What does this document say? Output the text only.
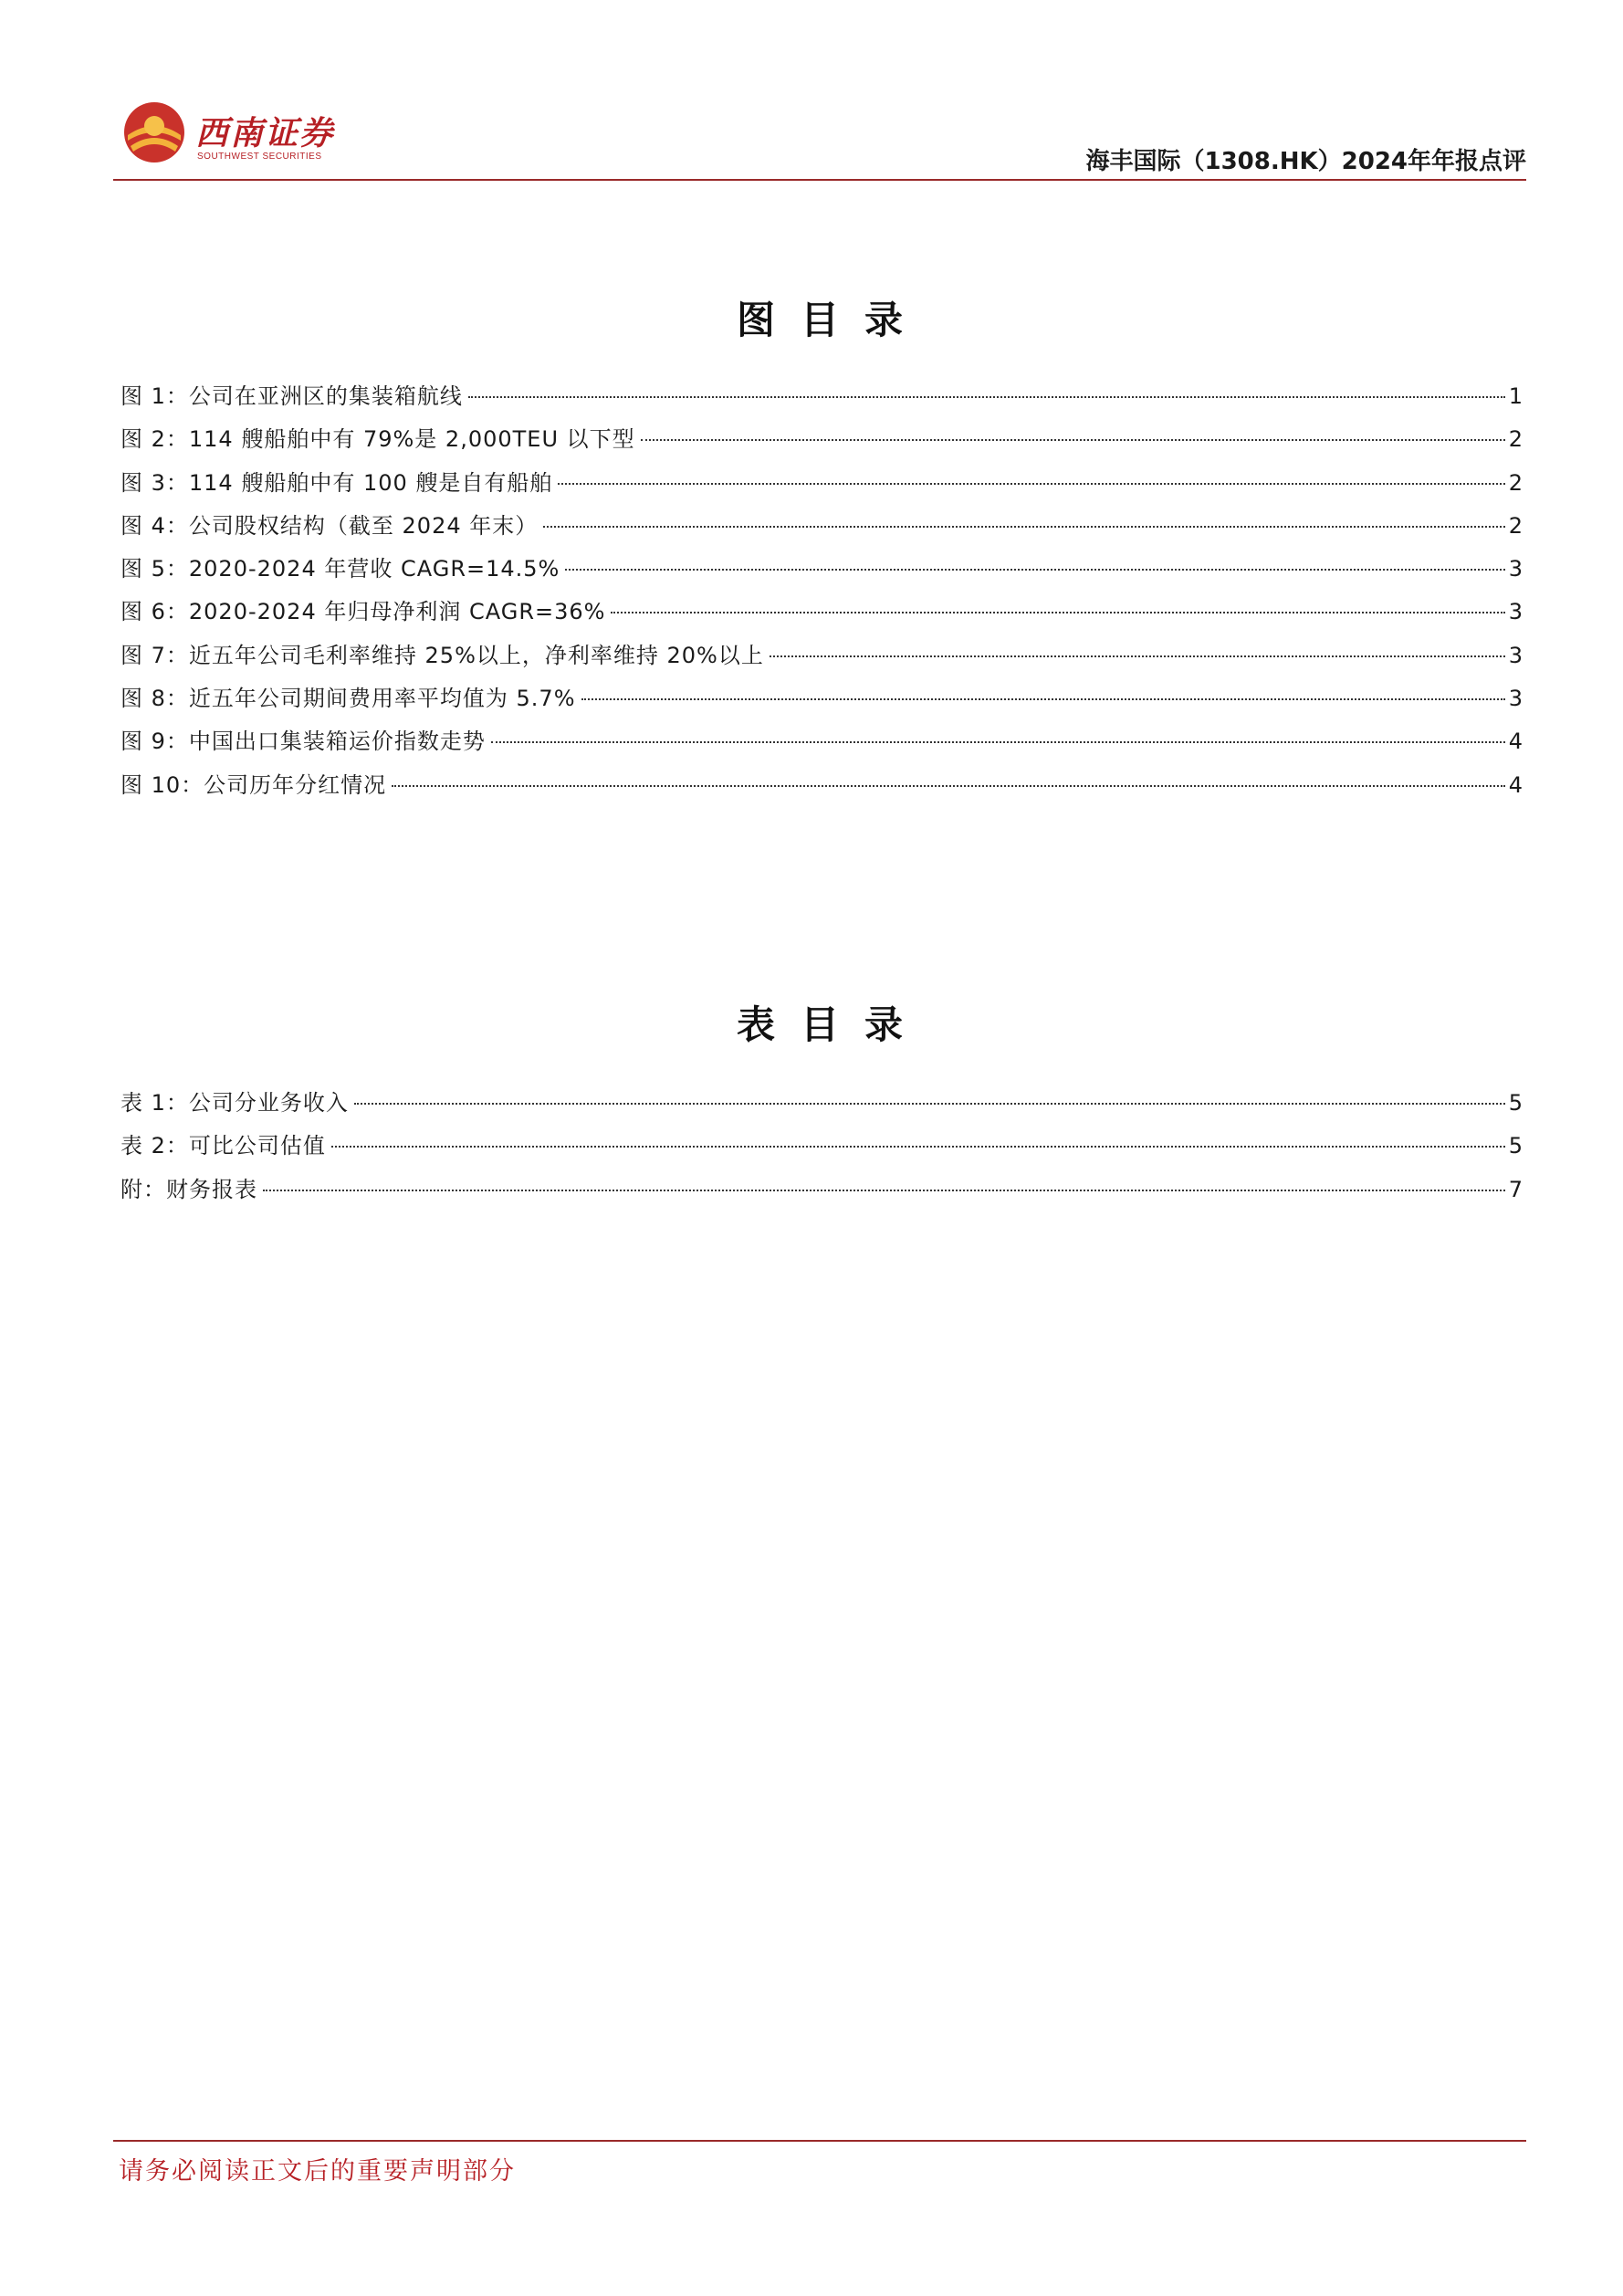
西南证券
SOUTHWEST SECURITIES	海丰国际（1308.HK）2024年年报点评
图目录
图 1：公司在亚洲区的集装箱航线	1
图 2：114 艘船舶中有 79%是 2,000TEU 以下型	2
图 3：114 艘船舶中有 100 艘是自有船舶	2
图 4：公司股权结构（截至 2024 年末）	2
图 5：2020-2024 年营收 CAGR=14.5%	3
图 6：2020-2024 年归母净利润 CAGR=36%	3
图 7：近五年公司毛利率维持 25%以上，净利率维持 20%以上	3
图 8：近五年公司期间费用率平均值为 5.7%	3
图 9：中国出口集装箱运价指数走势	4
图 10：公司历年分红情况	4
表目录
表 1：公司分业务收入	5
表 2：可比公司估值	5
附：财务报表	7
请务必阅读正文后的重要声明部分
